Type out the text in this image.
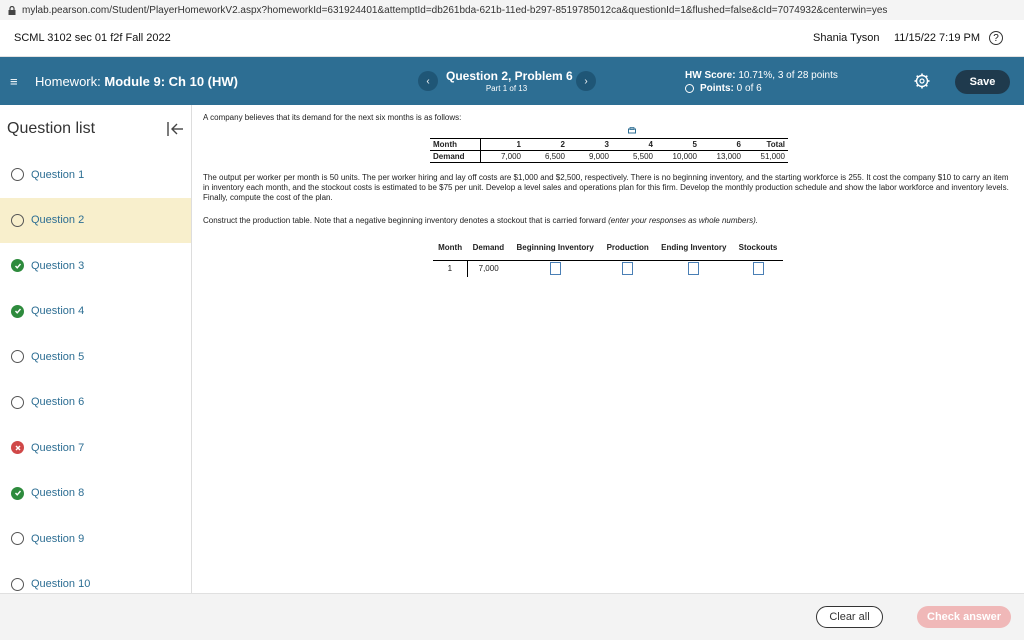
mylab.pearson.com/Student/PlayerHomeworkV2.aspx?homeworkId=631924401&attemptId=db261bda-621b-11ed-b297-8519785012ca&questionId=1&flushed=false&cId=7074932&centerwin=yes
SCML 3102 sec 01 f2f Fall 2022	Shania Tyson 11/15/22 7:19 PM	?
≡ Homework: Module 9: Ch 10 (HW)	‹	Question 2, Problem 6
Part 1 of 13
›	HW Score: 10.71%, 3 of 28 points
Points:
0 of 6
Save
Question list
Question 1
Question 2
Question 3
Question 4
Question 5
Question 6
Question 7
Question 8
Question 9
Question 10

A company believes that its demand for the next six months is as follows:

Month	1	2	3	4	5	6	Total
Demand	7,000	6,500	9,000	5,500	10,000	13,000	51,000

The output per worker per month is 50 units. The per worker hiring and lay off costs are $1,000 and $2,500, respectively. There is no beginning inventory, and the starting workforce is 255. It cost the company $10 to carry an item in inventory each month, and the stockout costs is estimated to be $75 per unit. Develop a level sales and operations plan for this firm. Develop the monthly production schedule and show the labor workforce and inventory levels. Finally, compute the cost of the plan.

Construct the production table. Note that a negative beginning inventory denotes a stockout that is carried forward (enter your responses as whole numbers).
Month	Demand	Beginning Inventory	Production	Ending Inventory	Stockouts
1	7,000				
Clear all	Check answer
